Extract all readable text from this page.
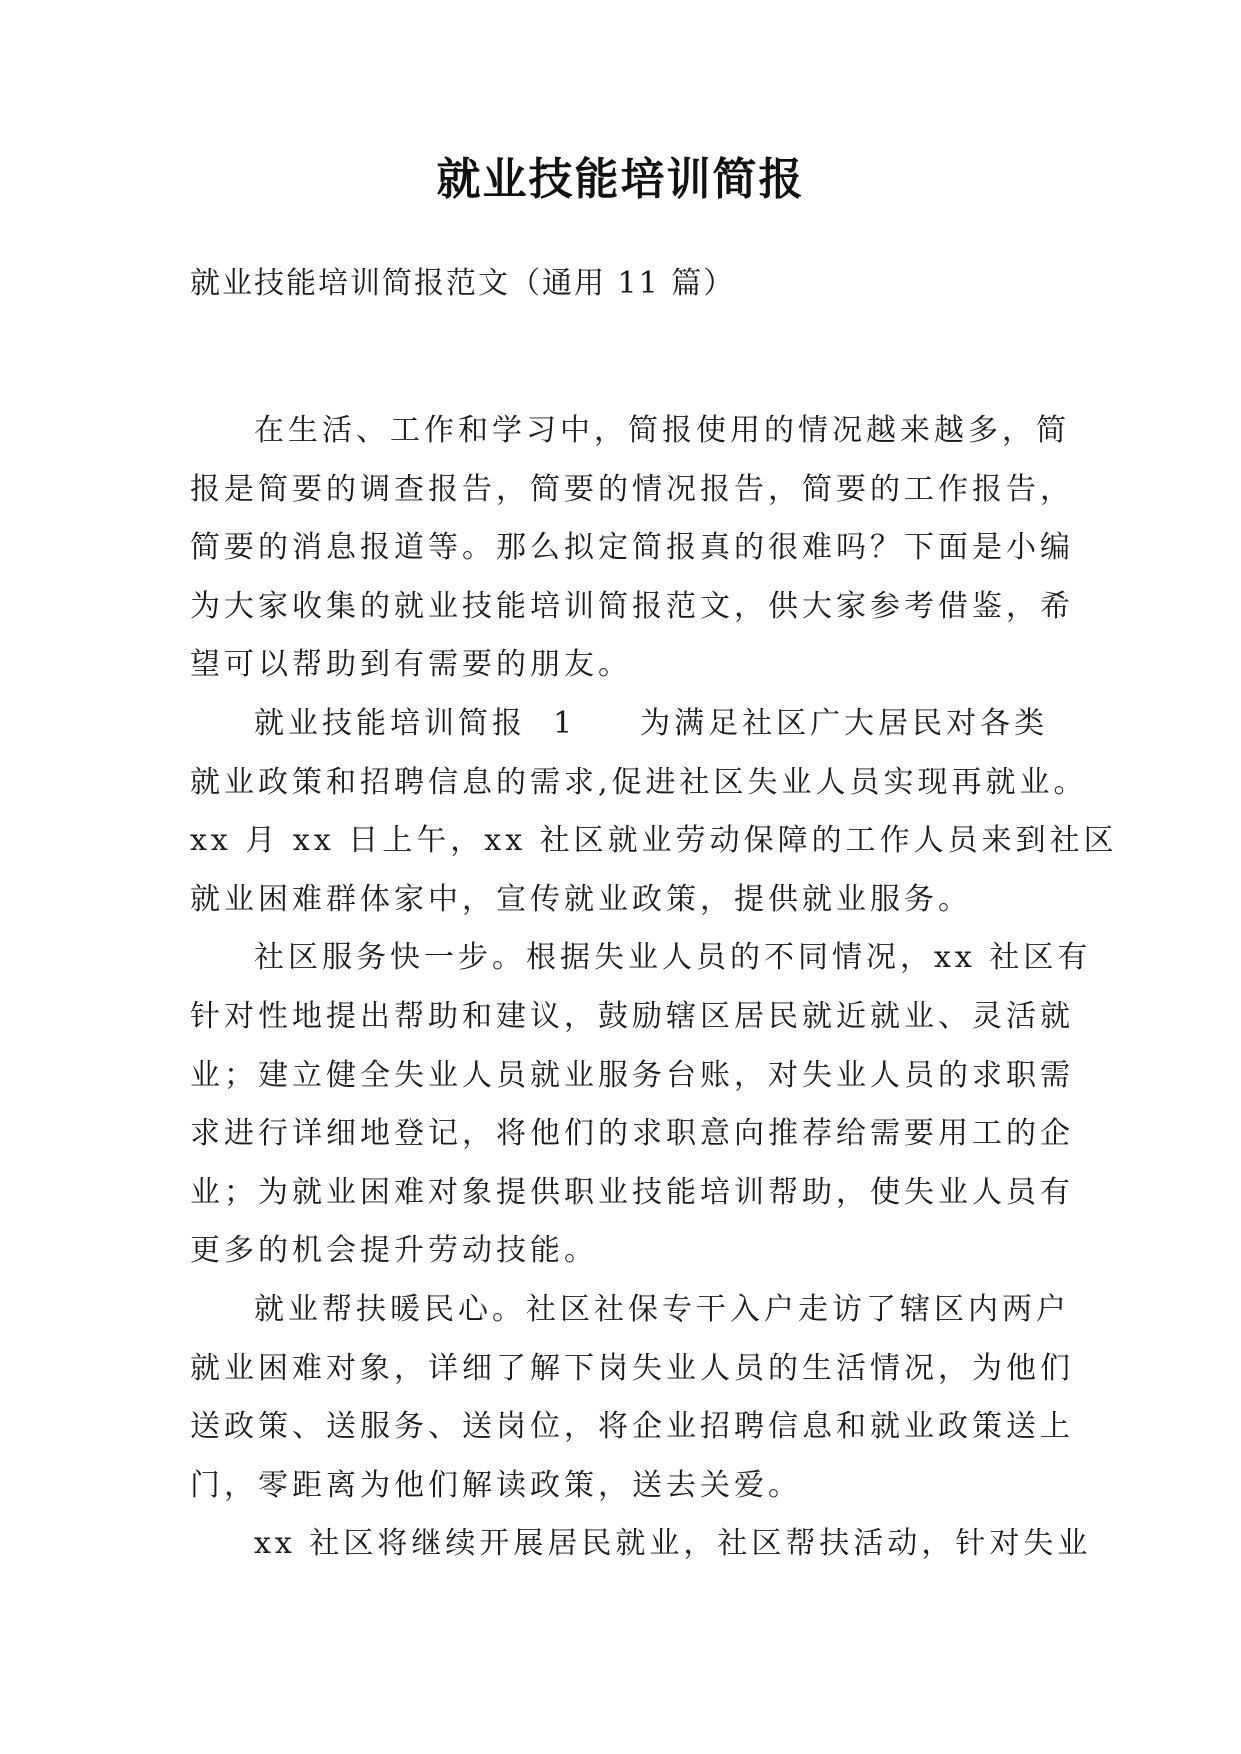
就业技能培训简报
就业技能培训简报范文（通用 11 篇）

在生活、工作和学习中，简报使用的情况越来越多，简
报是简要的调查报告，简要的情况报告，简要的工作报告，
简要的消息报道等。那么拟定简报真的很难吗？下面是小编
为大家收集的就业技能培训简报范文，供大家参考借鉴，希
望可以帮助到有需要的朋友。

就业技能培训简报  1 为满足社区广大居民对各类
就业政策和招聘信息的需求,促进社区失业人员实现再就业。
xx 月 xx 日上午，xx 社区就业劳动保障的工作人员来到社区
就业困难群体家中，宣传就业政策，提供就业服务。

社区服务快一步。根据失业人员的不同情况，xx 社区有
针对性地提出帮助和建议，鼓励辖区居民就近就业、灵活就
业；建立健全失业人员就业服务台账，对失业人员的求职需
求进行详细地登记，将他们的求职意向推荐给需要用工的企
业；为就业困难对象提供职业技能培训帮助，使失业人员有
更多的机会提升劳动技能。

就业帮扶暖民心。社区社保专干入户走访了辖区内两户
就业困难对象，详细了解下岗失业人员的生活情况，为他们
送政策、送服务、送岗位，将企业招聘信息和就业政策送上
门，零距离为他们解读政策，送去关爱。

xx 社区将继续开展居民就业，社区帮扶活动，针对失业
